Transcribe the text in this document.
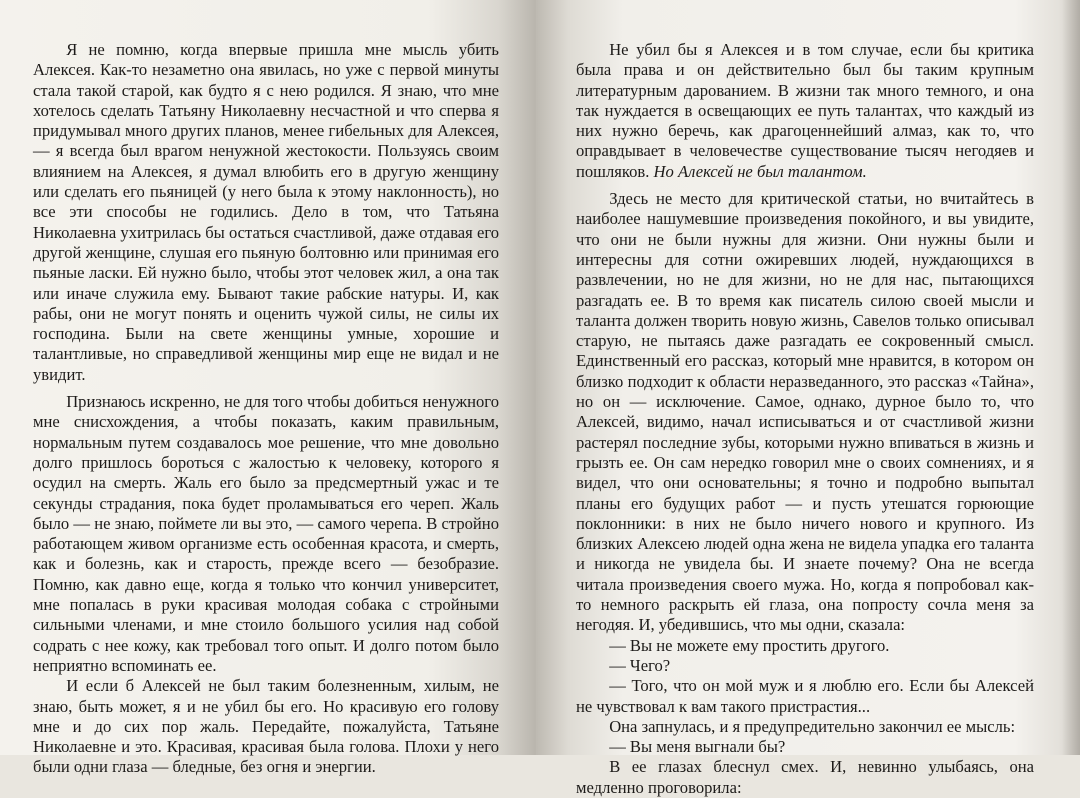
Я не помню, когда впервые пришла мне мысль убить Алексея. Как-то незаметно она явилась, но уже с первой минуты стала такой старой, как будто я с нею родился. Я знаю, что мне хотелось сделать Татьяну Николаевну несчастной и что сперва я придумывал много других планов, менее гибельных для Алексея, — я всегда был врагом ненужной жестокости. Пользуясь своим влиянием на Алексея, я думал влюбить его в другую женщину или сделать его пьяницей (у него была к этому наклонность), но все эти способы не годились. Дело в том, что Татьяна Николаевна ухитрилась бы остаться счастливой, даже отдавая его другой женщине, слушая его пьяную болтовню или принимая его пьяные ласки. Ей нужно было, чтобы этот человек жил, а она так или иначе служила ему. Бывают такие рабские натуры. И, как рабы, они не могут понять и оценить чужой силы, не силы их господина. Были на свете женщины умные, хорошие и талантливые, но справедливой женщины мир еще не видал и не увидит.

Признаюсь искренно, не для того чтобы добиться ненужного мне снисхождения, а чтобы показать, каким правильным, нормальным путем создавалось мое решение, что мне довольно долго пришлось бороться с жалостью к человеку, которого я осудил на смерть. Жаль его было за предсмертный ужас и те секунды страдания, пока будет проламываться его череп. Жаль было — не знаю, поймете ли вы это, — самого черепа. В стройно работающем живом организме есть особенная красота, и смерть, как и болезнь, как и старость, прежде всего — безобразие. Помню, как давно еще, когда я только что кончил университет, мне попалась в руки красивая молодая собака с стройными сильными членами, и мне стоило большого усилия над собой содрать с нее кожу, как требовал того опыт. И долго потом было неприятно вспоминать ее.

И если б Алексей не был таким болезненным, хилым, не знаю, быть может, я и не убил бы его. Но красивую его голову мне и до сих пор жаль. Передайте, пожалуйста, Татьяне Николаевне и это. Красивая, красивая была голова. Плохи у него были одни глаза — бледные, без огня и энергии.

Не убил бы я Алексея и в том случае, если бы критика была права и он действительно был бы таким крупным литературным дарованием. В жизни так много темного, и она так нуждается в освещающих ее путь талантах, что каждый из них нужно беречь, как драгоценнейший алмаз, как то, что оправдывает в человечестве существование тысяч негодяев и пошляков. Но Алексей не был талантом.

Здесь не место для критической статьи, но вчитайтесь в наиболее нашумевшие произведения покойного, и вы увидите, что они не были нужны для жизни. Они нужны были и интересны для сотни ожиревших людей, нуждающихся в развлечении, но не для жизни, но не для нас, пытающихся разгадать ее. В то время как писатель силою своей мысли и таланта должен творить новую жизнь, Савелов только описывал старую, не пытаясь даже разгадать ее сокровенный смысл. Единственный его рассказ, который мне нравится, в котором он близко подходит к области неразведанного, это рассказ «Тайна», но он — исключение. Самое, однако, дурное было то, что Алексей, видимо, начал исписываться и от счастливой жизни растерял последние зубы, которыми нужно впиваться в жизнь и грызть ее. Он сам нередко говорил мне о своих сомнениях, и я видел, что они основательны; я точно и подробно выпытал планы его будущих работ — и пусть утешатся горюющие поклонники: в них не было ничего нового и крупного. Из близких Алексею людей одна жена не видела упадка его таланта и никогда не увидела бы. И знаете почему? Она не всегда читала произведения своего мужа. Но, когда я попробовал как-то немного раскрыть ей глаза, она попросту сочла меня за негодяя. И, убедившись, что мы одни, сказала:

— Вы не можете ему простить другого.

— Чего?

— Того, что он мой муж и я люблю его. Если бы Алексей не чувствовал к вам такого пристрастия...

Она запнулась, и я предупредительно закончил ее мысль:

— Вы меня выгнали бы?

В ее глазах блеснул смех. И, невинно улыбаясь, она медленно проговорила:
